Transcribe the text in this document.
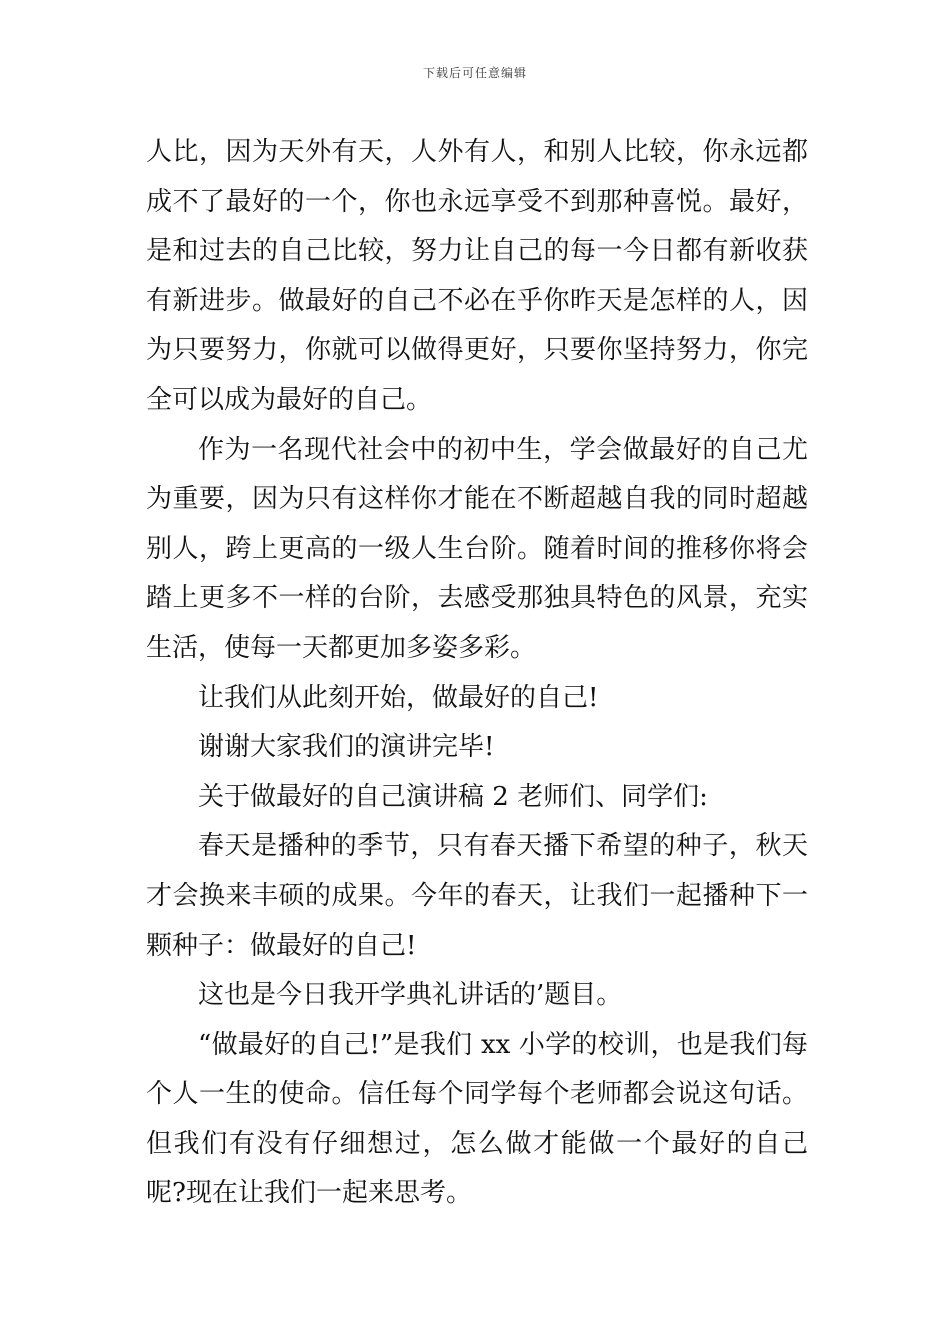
下载后可任意编辑

人比，因为天外有天，人外有人，和别人比较，你永远都成不了最好的一个，你也永远享受不到那种喜悦。最好，是和过去的自己比较，努力让自己的每一今日都有新收获有新进步。做最好的自己不必在乎你昨天是怎样的人，因为只要努力，你就可以做得更好，只要你坚持努力，你完全可以成为最好的自己。

作为一名现代社会中的初中生，学会做最好的自己尤为重要，因为只有这样你才能在不断超越自我的同时超越别人，跨上更高的一级人生台阶。随着时间的推移你将会踏上更多不一样的台阶，去感受那独具特色的风景，充实生活，使每一天都更加多姿多彩。

让我们从此刻开始，做最好的自己!

谢谢大家我们的演讲完毕!

关于做最好的自己演讲稿 2 老师们、同学们:

春天是播种的季节，只有春天播下希望的种子，秋天才会换来丰硕的成果。今年的春天，让我们一起播种下一颗种子：做最好的自己!

这也是今日我开学典礼讲话的’题目。

“做最好的自己!”是我们 xx 小学的校训，也是我们每个人一生的使命。信任每个同学每个老师都会说这句话。但我们有没有仔细想过，怎么做才能做一个最好的自己呢?现在让我们一起来思考。
